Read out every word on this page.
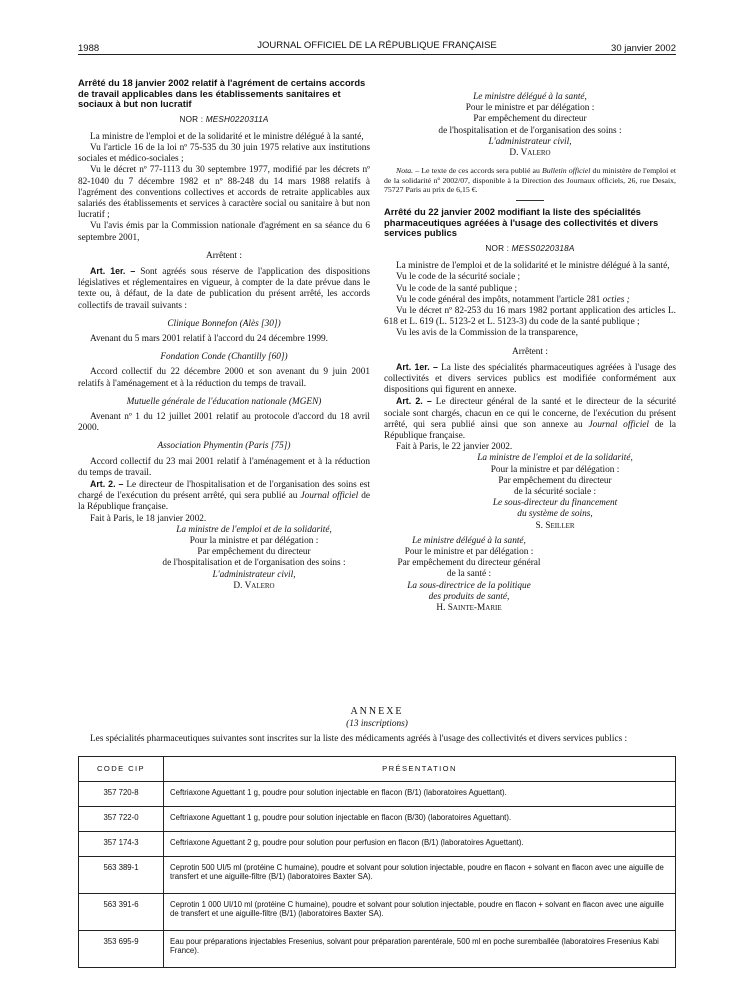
1988	JOURNAL OFFICIEL DE LA RÉPUBLIQUE FRANÇAISE	30 janvier 2002

Arrêté du 18 janvier 2002 relatif à l'agrément de certains accords de travail applicables dans les établissements sanitaires et sociaux à but non lucratif

NOR : MESH0220311A

La ministre de l'emploi et de la solidarité et le ministre délégué à la santé,

Vu l'article 16 de la loi nº 75-535 du 30 juin 1975 relative aux institutions sociales et médico-sociales ;

Vu le décret nº 77-1113 du 30 septembre 1977, modifié par les décrets nº 82-1040 du 7 décembre 1982 et nº 88-248 du 14 mars 1988 relatifs à l'agrément des conventions collectives et accords de retraite applicables aux salariés des établissements et services à caractère social ou sanitaire à but non lucratif ;

Vu l'avis émis par la Commission nationale d'agrément en sa séance du 6 septembre 2001,

Arrêtent :

Art. 1er. – Sont agréés sous réserve de l'application des dispositions législatives et réglementaires en vigueur, à compter de la date prévue dans le texte ou, à défaut, de la date de publication du présent arrêté, les accords collectifs de travail suivants :

Clinique Bonnefon (Alès [30])

Avenant du 5 mars 2001 relatif à l'accord du 24 décembre 1999.

Fondation Conde (Chantilly [60])

Accord collectif du 22 décembre 2000 et son avenant du 9 juin 2001 relatifs à l'aménagement et à la réduction du temps de travail.

Mutuelle générale de l'éducation nationale (MGEN)

Avenant nº 1 du 12 juillet 2001 relatif au protocole d'accord du 18 avril 2000.

Association Phymentin (Paris [75])

Accord collectif du 23 mai 2001 relatif à l'aménagement et à la réduction du temps de travail.

Art. 2. – Le directeur de l'hospitalisation et de l'organisation des soins est chargé de l'exécution du présent arrêté, qui sera publié au Journal officiel de la République française.

Fait à Paris, le 18 janvier 2002.

La ministre de l'emploi et de la solidarité,
Pour la ministre et par délégation :
Par empêchement du directeur
de l'hospitalisation et de l'organisation des soins :
L'administrateur civil,
D. Valero
Le ministre délégué à la santé,
Pour le ministre et par délégation :
Par empêchement du directeur
de l'hospitalisation et de l'organisation des soins :
L'administrateur civil,
D. Valero

Nota. – Le texte de ces accords sera publié au Bulletin officiel du ministère de l'emploi et de la solidarité nº 2002/07, disponible à la Direction des Journaux officiels, 26, rue Desaix, 75727 Paris au prix de 6,15 €.

Arrêté du 22 janvier 2002 modifiant la liste des spécialités pharmaceutiques agréées à l'usage des collectivités et divers services publics

NOR : MESS0220318A

La ministre de l'emploi et de la solidarité et le ministre délégué à la santé,

Vu le code de la sécurité sociale ;

Vu le code de la santé publique ;

Vu le code général des impôts, notamment l'article 281 octies ;

Vu le décret nº 82-253 du 16 mars 1982 portant application des articles L. 618 et L. 619 (L. 5123-2 et L. 5123-3) du code de la santé publique ;

Vu les avis de la Commission de la transparence,

Arrêtent :

Art. 1er. – La liste des spécialités pharmaceutiques agréées à l'usage des collectivités et divers services publics est modifiée conformément aux dispositions qui figurent en annexe.

Art. 2. – Le directeur général de la santé et le directeur de la sécurité sociale sont chargés, chacun en ce qui le concerne, de l'exécution du présent arrêté, qui sera publié ainsi que son annexe au Journal officiel de la République française.

Fait à Paris, le 22 janvier 2002.

La ministre de l'emploi et de la solidarité,
Pour la ministre et par délégation :
Par empêchement du directeur
de la sécurité sociale :
Le sous-directeur du financement
du système de soins,
S. Seiller
Le ministre délégué à la santé,
Pour le ministre et par délégation :
Par empêchement du directeur général
de la santé :
La sous-directrice de la politique
des produits de santé,
H. Sainte-Marie
ANNEXE
(13 inscriptions)

Les spécialités pharmaceutiques suivantes sont inscrites sur la liste des médicaments agréés à l'usage des collectivités et divers services publics :

CODE CIP	PRÉSENTATION
357 720-8	Ceftriaxone Aguettant 1 g, poudre pour solution injectable en flacon (B/1) (laboratoires Aguettant).
357 722-0	Ceftriaxone Aguettant 1 g, poudre pour solution injectable en flacon (B/30) (laboratoires Aguettant).
357 174-3	Ceftriaxone Aguettant 2 g, poudre pour solution pour perfusion en flacon (B/1) (laboratoires Aguettant).
563 389-1	Ceprotin 500 UI/5 ml (protéine C humaine), poudre et solvant pour solution injectable, poudre en flacon + solvant en flacon avec une aiguille de transfert et une aiguille-filtre (B/1) (laboratoires Baxter SA).
563 391-6	Ceprotin 1 000 UI/10 ml (protéine C humaine), poudre et solvant pour solution injectable, poudre en flacon + solvant en flacon avec une aiguille de transfert et une aiguille-filtre (B/1) (laboratoires Baxter SA).
353 695-9	Eau pour préparations injectables Fresenius, solvant pour préparation parentérale, 500 ml en poche suremballée (laboratoires Fresenius Kabi France).
